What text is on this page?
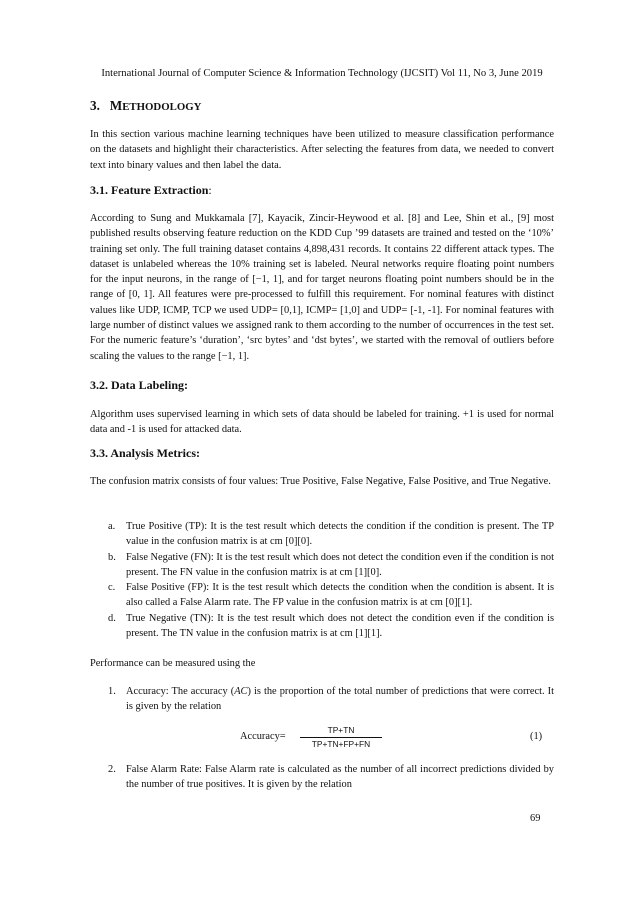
International Journal of Computer Science & Information Technology (IJCSIT) Vol 11, No 3, June 2019
3. METHODOLOGY
In this section various machine learning techniques have been utilized to measure classification performance on the datasets and highlight their characteristics. After selecting the features from data, we needed to convert text into binary values and then label the data.
3.1. Feature Extraction:
According to Sung and Mukkamala [7], Kayacik, Zincir-Heywood et al. [8] and Lee, Shin et al., [9] most published results observing feature reduction on the KDD Cup ’99 datasets are trained and tested on the ‘10%’ training set only. The full training dataset contains 4,898,431 records. It contains 22 different attack types. The dataset is unlabeled whereas the 10% training set is labeled. Neural networks require floating point numbers for the input neurons, in the range of [−1, 1], and for target neurons floating point numbers should be in the range of [0, 1]. All features were pre-processed to fulfill this requirement. For nominal features with distinct values like UDP, ICMP, TCP we used UDP= [0,1], ICMP= [1,0] and UDP= [-1, -1]. For nominal features with large number of distinct values we assigned rank to them according to the number of occurrences in the test set. For the numeric feature’s ‘duration’, ‘src bytes’ and ‘dst bytes’, we started with the removal of outliers before scaling the values to the range [−1, 1].
3.2. Data Labeling:
Algorithm uses supervised learning in which sets of data should be labeled for training. +1 is used for normal data and -1 is used for attacked data.
3.3. Analysis Metrics:
The confusion matrix consists of four values: True Positive, False Negative, False Positive, and True Negative.
a. True Positive (TP): It is the test result which detects the condition if the condition is present. The TP value in the confusion matrix is at cm [0][0].
b. False Negative (FN): It is the test result which does not detect the condition even if the condition is not present. The FN value in the confusion matrix is at cm [1][0].
c. False Positive (FP): It is the test result which detects the condition when the condition is absent. It is also called a False Alarm rate. The FP value in the confusion matrix is at cm [0][1].
d. True Negative (TN): It is the test result which does not detect the condition even if the condition is present. The TN value in the confusion matrix is at cm [1][1].
Performance can be measured using the
1. Accuracy: The accuracy (AC) is the proportion of the total number of predictions that were correct. It is given by the relation
Accuracy=
TP+TN
TP+TN+FP+FN
(1)
2. False Alarm Rate: False Alarm rate is calculated as the number of all incorrect predictions divided by the number of true positives. It is given by the relation
69
